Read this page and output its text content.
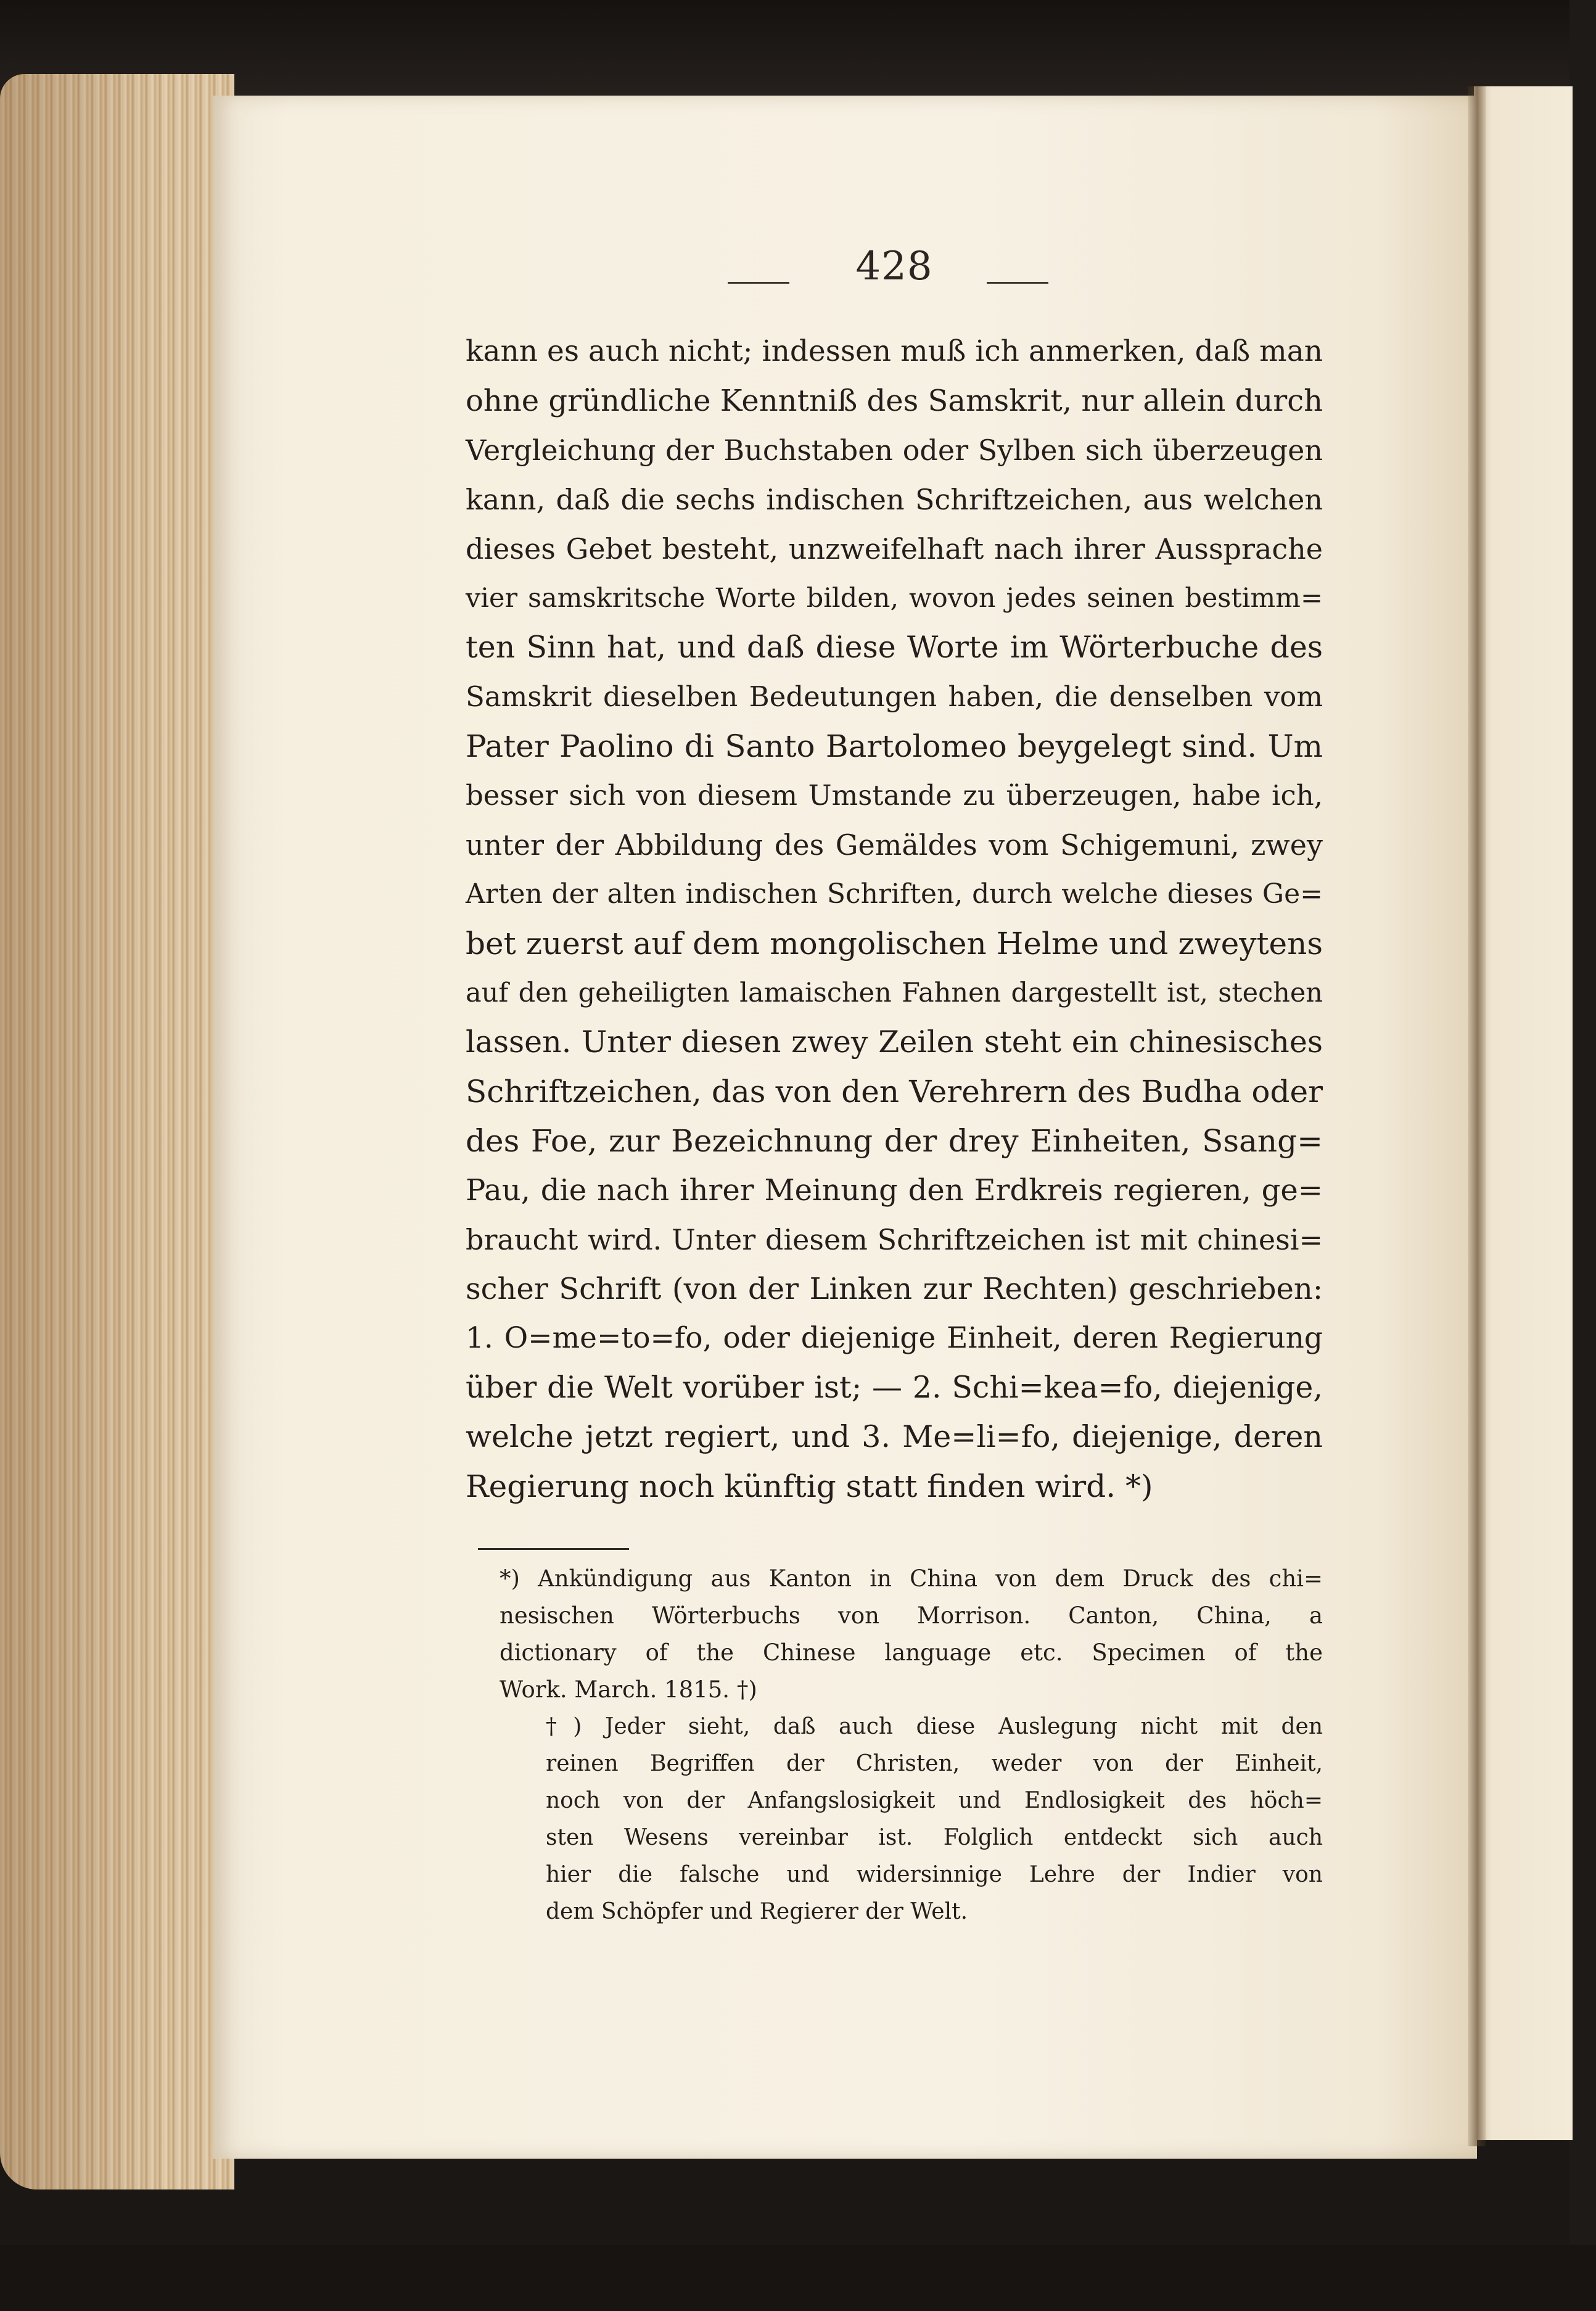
428
kann es auch nicht; indessen muß ich anmerken, daß man
ohne gründliche Kenntniß des Samskrit, nur allein durch
Vergleichung der Buchstaben oder Sylben sich überzeugen
kann, daß die sechs indischen Schriftzeichen, aus welchen
dieses Gebet besteht, unzweifelhaft nach ihrer Aussprache
vier samskritsche Worte bilden, wovon jedes seinen bestimm=
ten Sinn hat, und daß diese Worte im Wörterbuche des
Samskrit dieselben Bedeutungen haben, die denselben vom
Pater Paolino di Santo Bartolomeo beygelegt sind. Um
besser sich von diesem Umstande zu überzeugen, habe ich,
unter der Abbildung des Gemäldes vom Schigemuni, zwey
Arten der alten indischen Schriften, durch welche dieses Ge=
bet zuerst auf dem mongolischen Helme und zweytens
auf den geheiligten lamaischen Fahnen dargestellt ist, stechen
lassen. Unter diesen zwey Zeilen steht ein chinesisches
Schriftzeichen, das von den Verehrern des Budha oder
des Foe, zur Bezeichnung der drey Einheiten, Ssang=
Pau, die nach ihrer Meinung den Erdkreis regieren, ge=
braucht wird. Unter diesem Schriftzeichen ist mit chinesi=
scher Schrift (von der Linken zur Rechten) geschrieben:
1. O=me=to=fo, oder diejenige Einheit, deren Regierung
über die Welt vorüber ist; — 2. Schi=kea=fo, diejenige,
welche jetzt regiert, und 3. Me=li=fo, diejenige, deren
Regierung noch künftig statt finden wird. *)
*) Ankündigung aus Kanton in China von dem Druck des chi=
nesischen Wörterbuchs von Morrison. Canton, China, a
dictionary of the Chinese language etc. Specimen of the
Work. March. 1815. †)
†) Jeder sieht, daß auch diese Auslegung nicht mit den
reinen Begriffen der Christen, weder von der Einheit,
noch von der Anfangslosigkeit und Endlosigkeit des höch=
sten Wesens vereinbar ist. Folglich entdeckt sich auch
hier die falsche und widersinnige Lehre der Indier von
dem Schöpfer und Regierer der Welt.
